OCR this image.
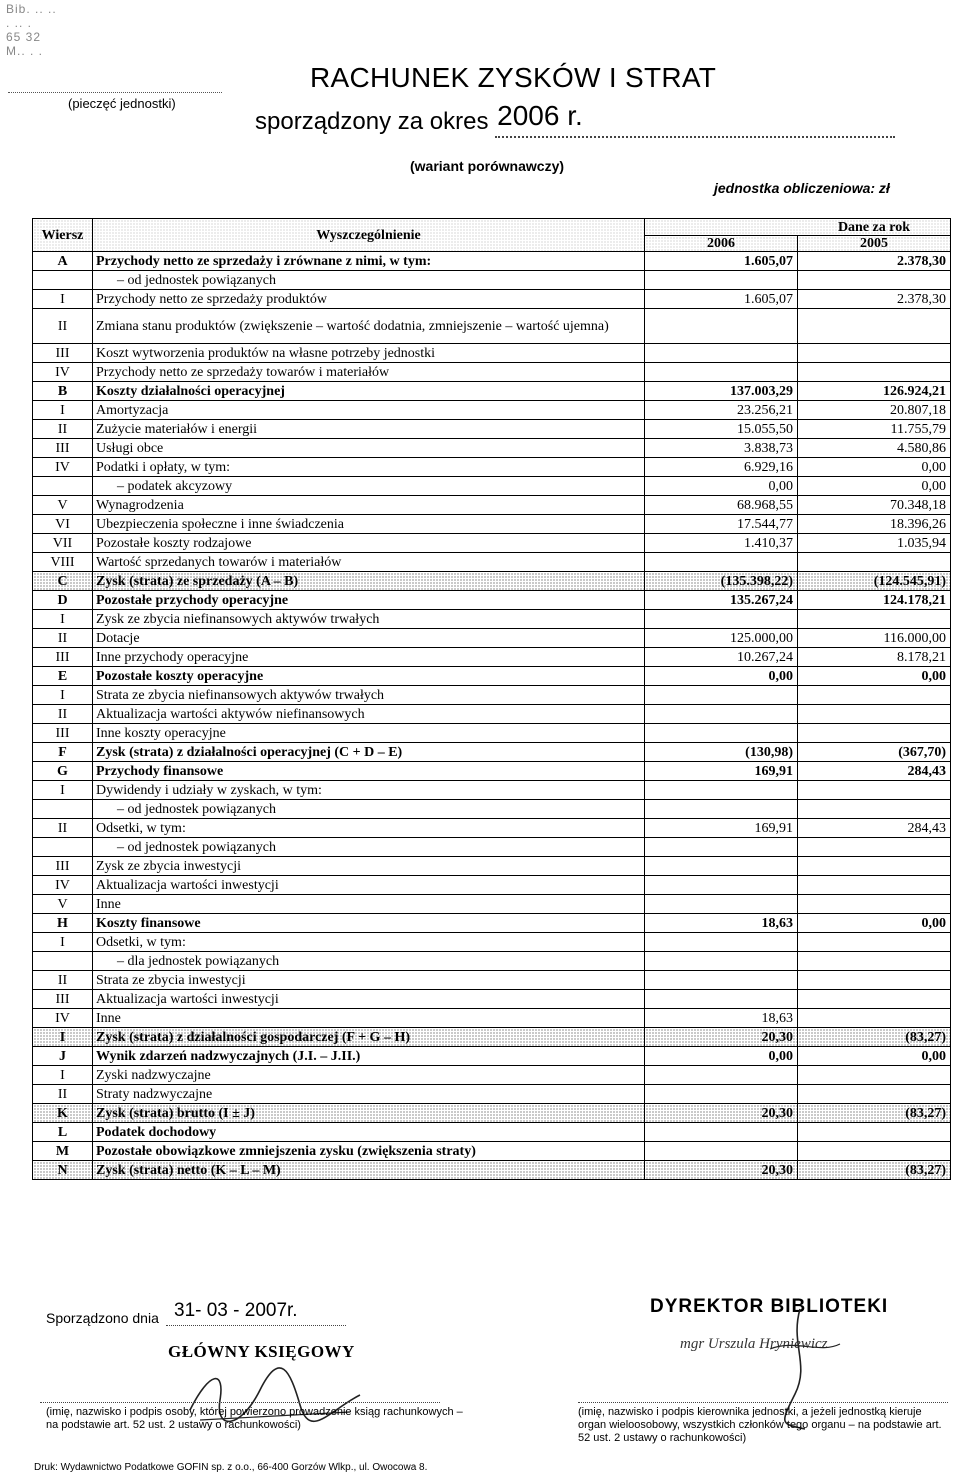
Bib. .. ..
. .. .
65 32
M.. . .
(pieczęć jednostki)
RACHUNEK ZYSKÓW I STRAT
sporządzony za okres 2006 r.

(wariant porównawczy)
jednostka obliczeniowa: zł
Wiersz	Wyszczególnienie	Dane za rok	
		2006	2005
A	Przychody netto ze sprzedaży i zrównane z nimi, w tym:	1.605,07	2.378,30
	– od jednostek powiązanych		
I	Przychody netto ze sprzedaży produktów	1.605,07	2.378,30
II	Zmiana stanu produktów (zwiększenie – wartość dodatnia, zmniejszenie – wartość ujemna)		
III	Koszt wytworzenia produktów na własne potrzeby jednostki		
IV	Przychody netto ze sprzedaży towarów i materiałów		
B	Koszty działalności operacyjnej	137.003,29	126.924,21
I	Amortyzacja	23.256,21	20.807,18
II	Zużycie materiałów i energii	15.055,50	11.755,79
III	Usługi obce	3.838,73	4.580,86
IV	Podatki i opłaty, w tym:	6.929,16	0,00
	– podatek akcyzowy	0,00	0,00
V	Wynagrodzenia	68.968,55	70.348,18
VI	Ubezpieczenia społeczne i inne świadczenia	17.544,77	18.396,26
VII	Pozostałe koszty rodzajowe	1.410,37	1.035,94
VIII	Wartość sprzedanych towarów i materiałów		
C	Zysk (strata) ze sprzedaży (A – B)	(135.398,22)	(124.545,91)
D	Pozostałe przychody operacyjne	135.267,24	124.178,21
I	Zysk ze zbycia niefinansowych aktywów trwałych		
II	Dotacje	125.000,00	116.000,00
III	Inne przychody operacyjne	10.267,24	8.178,21
E	Pozostałe koszty operacyjne	0,00	0,00
I	Strata ze zbycia niefinansowych aktywów trwałych		
II	Aktualizacja wartości aktywów niefinansowych		
III	Inne koszty operacyjne		
F	Zysk (strata) z działalności operacyjnej (C + D – E)	(130,98)	(367,70)
G	Przychody finansowe	169,91	284,43
I	Dywidendy i udziały w zyskach, w tym:		
	– od jednostek powiązanych		
II	Odsetki, w tym:	169,91	284,43
	– od jednostek powiązanych		
III	Zysk ze zbycia inwestycji		
IV	Aktualizacja wartości inwestycji		
V	Inne		
H	Koszty finansowe	18,63	0,00
I	Odsetki, w tym:		
	– dla jednostek powiązanych		
II	Strata ze zbycia inwestycji		
III	Aktualizacja wartości inwestycji		
IV	Inne	18,63	
I	Zysk (strata) z działalności gospodarczej (F + G – H)	20,30	(83,27)
J	Wynik zdarzeń nadzwyczajnych (J.I. – J.II.)	0,00	0,00
I	Zyski nadzwyczajne		
II	Straty nadzwyczajne		
K	Zysk (strata) brutto (I ± J)	20,30	(83,27)
L	Podatek dochodowy		
M	Pozostałe obowiązkowe zmniejszenia zysku (zwiększenia straty)		
N	Zysk (strata) netto (K – L – M)	20,30	(83,27)
Sporządzono dnia 31- 03 - 2007r.
GŁÓWNY KSIĘGOWY
(imię, nazwisko i podpis osoby, której powierzono prowadzenie ksiąg rachunkowych – na podstawie art. 52 ust. 2 ustawy o rachunkowości)
DYREKTOR BIBLIOTEKI
mgr Urszula Hryniewicz
(imię, nazwisko i podpis kierownika jednostki, a jeżeli jednostką kieruje organ wieloosobowy, wszystkich członków tego organu – na podstawie art. 52 ust. 2 ustawy o rachunkowości)
Druk: Wydawnictwo Podatkowe GOFIN sp. z o.o., 66-400 Gorzów Wlkp., ul. Owocowa 8.
